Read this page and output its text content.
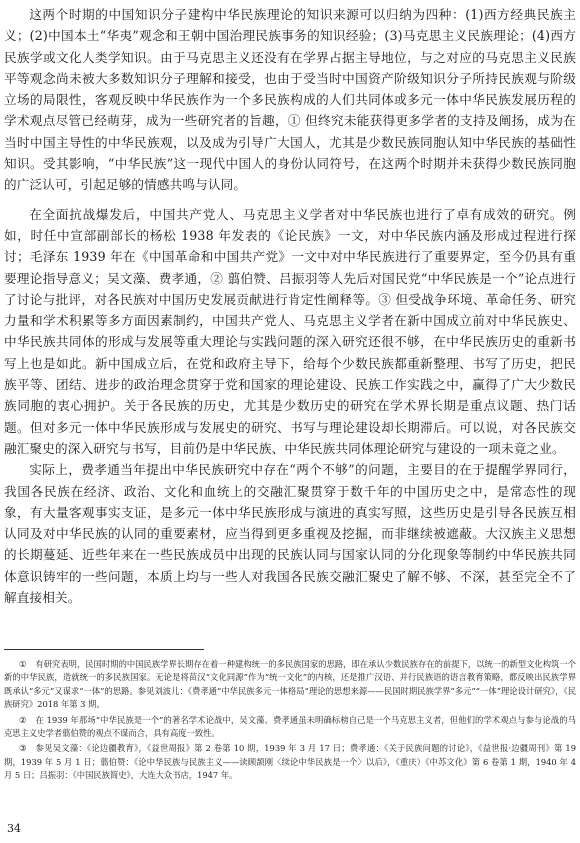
这两个时期的中国知识分子建构中华民族理论的知识来源可以归纳为四种：(1)西方经典民族主义；(2)中国本土“华夷”观念和王朝中国治理民族事务的知识经验；(3)马克思主义民族理论；(4)西方民族学或文化人类学知识。由于马克思主义还没有在学界占据主导地位，与之对应的马克思主义民族平等观念尚未被大多数知识分子理解和接受，也由于受当时中国资产阶级知识分子所持民族观与阶级立场的局限性，客观反映中华民族作为一个多民族构成的人们共同体或多元一体中华民族发展历程的学术观点尽管已经萌芽，成为一些研究者的旨趣，① 但终究未能获得更多学者的支持及阐扬，成为在当时中国主导性的中华民族观，以及成为引导广大国人，尤其是少数民族同胞认知中华民族的基础性知识。受其影响，“中华民族”这一现代中国人的身份认同符号，在这两个时期并未获得少数民族同胞的广泛认可，引起足够的情感共鸣与认同。

在全面抗战爆发后，中国共产党人、马克思主义学者对中华民族也进行了卓有成效的研究。例如，时任中宣部副部长的杨松 1938 年发表的《论民族》一文，对中华民族内涵及形成过程进行探讨；毛泽东 1939 年在《中国革命和中国共产党》一文中对中华民族进行了重要界定，至今仍具有重要理论指导意义；吴文藻、费孝通，② 翦伯赞、吕振羽等人先后对国民党“中华民族是一个”论点进行了讨论与批评，对各民族对中国历史发展贡献进行肯定性阐释等。③ 但受战争环境、革命任务、研究力量和学术积累等多方面因素制约，中国共产党人、马克思主义学者在新中国成立前对中华民族史、中华民族共同体的形成与发展等重大理论与实践问题的深入研究还很不够，在中华民族历史的重新书写上也是如此。新中国成立后，在党和政府主导下，给每个少数民族都重新整理、书写了历史，把民族平等、团结、进步的政治理念贯穿于党和国家的理论建设、民族工作实践之中，赢得了广大少数民族同胞的衷心拥护。关于各民族的历史，尤其是少数历史的研究在学术界长期是重点议题、热门话题。但对多元一体中华民族形成与发展史的研究、书写与理论建设却长期滞后。可以说，对各民族交融汇聚史的深入研究与书写，目前仍是中华民族、中华民族共同体理论研究与建设的一项未竟之业。

实际上，费孝通当年提出中华民族研究中存在“两个不够”的问题，主要目的在于提醒学界同行，我国各民族在经济、政治、文化和血统上的交融汇聚贯穿于数千年的中国历史之中，是常态性的现象，有大量客观事实支证，是多元一体中华民族形成与演进的真实写照，这些历史是引导各民族互相认同及对中华民族的认同的重要素材，应当得到更多重视及挖掘，而非继续被遮蔽。大汉族主义思想的长期蔓延、近些年来在一些民族成员中出现的民族认同与国家认同的分化现象等制约中华民族共同体意识铸牢的一些问题，本质上均与一些人对我国各民族交融汇聚史了解不够、不深，甚至完全不了解直接相关。

① 有研究表明，民国时期的中国民族学界长期存在着一种建构统一的多民族国家的思路，即在承认少数民族存在的前提下，以统一的新型文化构筑一个新的中华民族，造就统一的多民族国家。无论是将苗汉“文化同源”作为“统一文化”的内核，还是推广汉语、并行民族语的语言教育策略，都反映出民族学界既承认“多元”又谋求“一体”的思路。参见刘波儿：《费孝通“中华民族多元一体格局”理论的思想来源——民国时期民族学界“多元”“一体”理论设计研究》，《民族研究》2018 年第 3 期。

② 在 1939 年那场“中华民族是一个”的著名学术论战中，吴文藻、费孝通虽未明确标榜自己是一个马克思主义者，但他们的学术观点与参与论战的马克思主义史学者翦伯赞的观点不谋而合，具有高度一致性。

③ 参见吴文藻：《论边疆教育》，《益世周报》第 2 卷第 10 期，1939 年 3 月 17 日；费孝通：《关于民族问题的讨论》，《益世报·边疆周刊》第 19 期，1939 年 5 月 1 日；翦伯赞：《论中华民族与民族主义——读顾颉刚〈续论中华民族是一个〉以后》，《重庆）《中苏文化》第 6 卷第 1 期，1940 年 4 月 5 日；吕振羽：《中国民族简史》，大连大众书店，1947 年。

34
